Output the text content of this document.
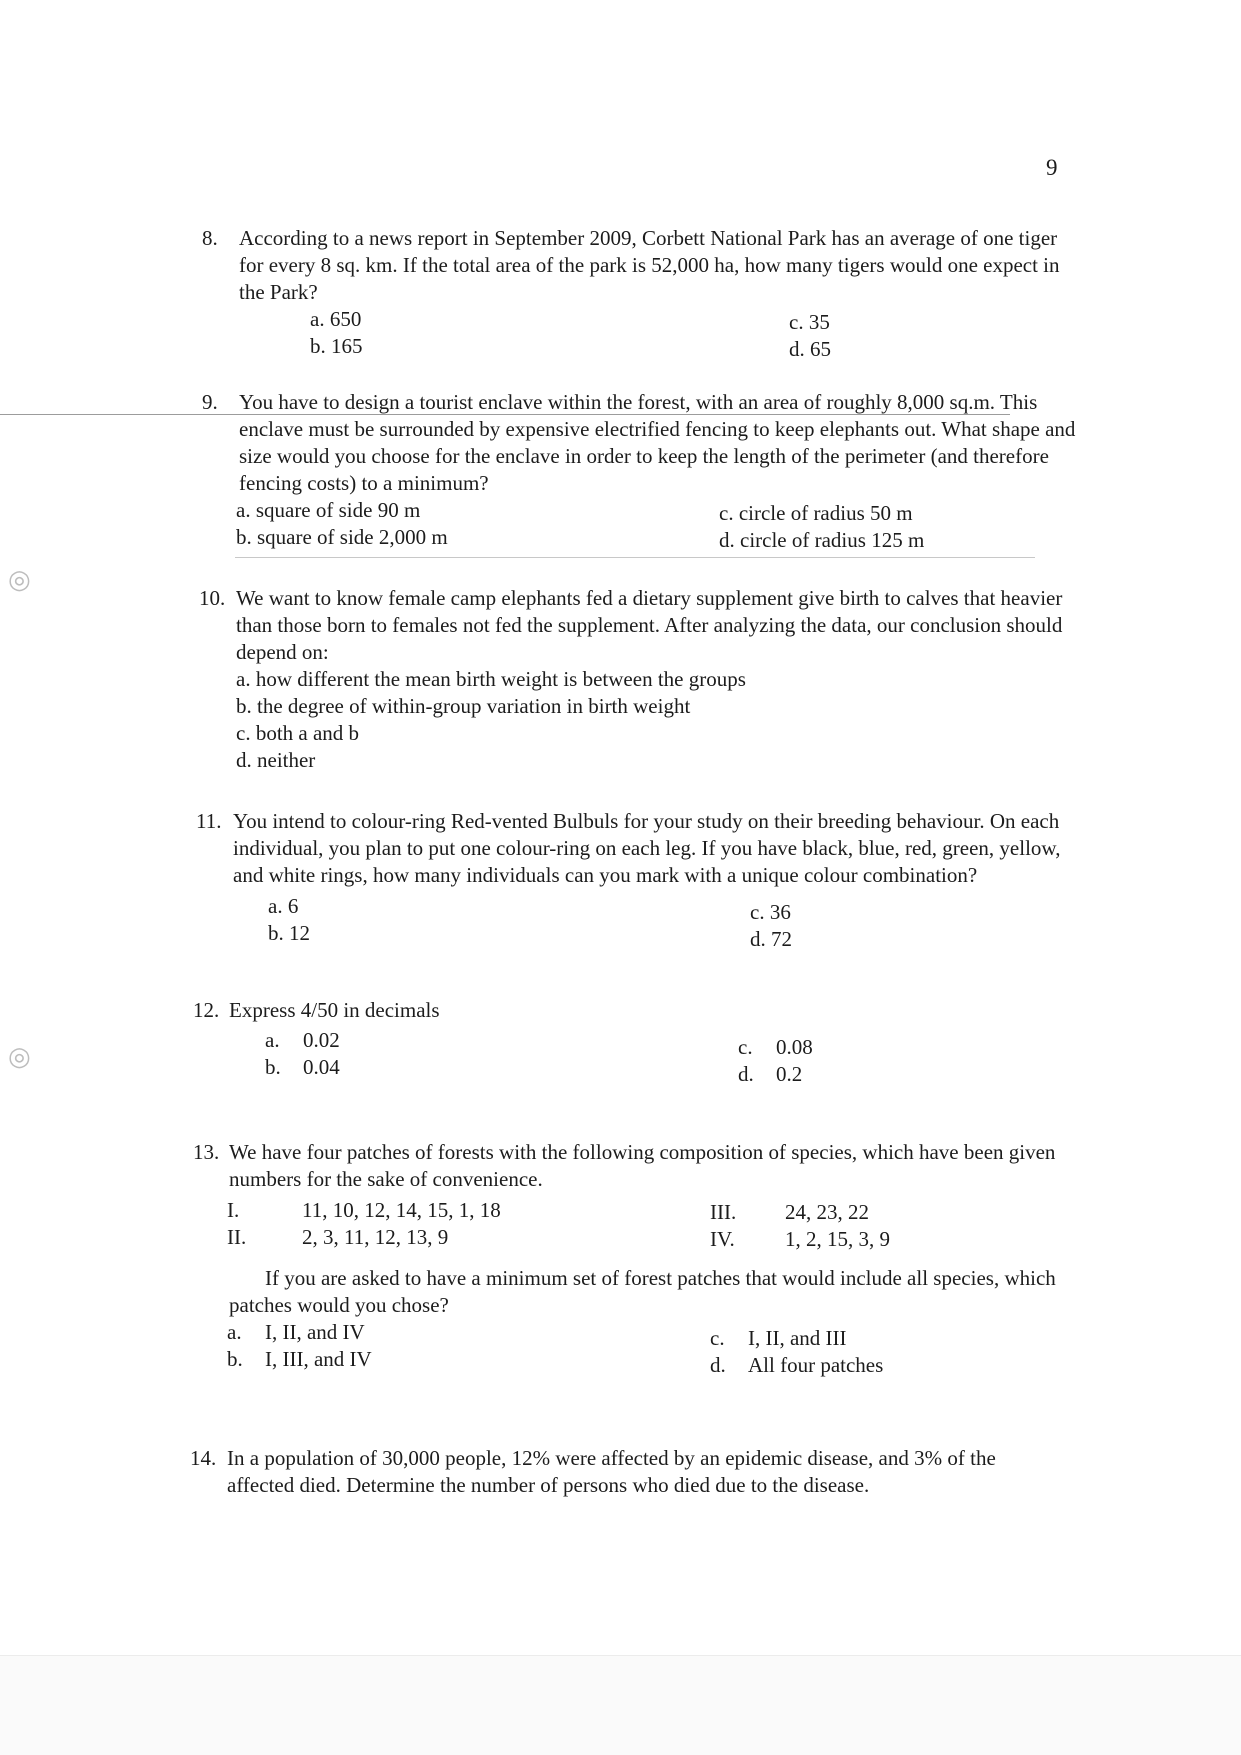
◎
◎
9
8. According to a news report in September 2009, Corbett National Park has an average of one tiger for every 8 sq. km. If the total area of the park is 52,000 ha, how many tigers would one expect in the Park?
a. 650
b. 165
c. 35
d. 65
9. You have to design a tourist enclave within the forest, with an area of roughly 8,000 sq.m. This enclave must be surrounded by expensive electrified fencing to keep elephants out. What shape and size would you choose for the enclave in order to keep the length of the perimeter (and therefore fencing costs) to a minimum?
a. square of side 90 m
b. square of side 2,000 m
c. circle of radius 50 m
d. circle of radius 125 m
10. We want to know female camp elephants fed a dietary supplement give birth to calves that heavier than those born to females not fed the supplement. After analyzing the data, our conclusion should depend on:
a. how different the mean birth weight is between the groups
b. the degree of within-group variation in birth weight
c. both a and b
d. neither
11. You intend to colour-ring Red-vented Bulbuls for your study on their breeding behaviour. On each individual, you plan to put one colour-ring on each leg. If you have black, blue, red, green, yellow, and white rings, how many individuals can you mark with a unique colour combination?
a. 6
b. 12
c. 36
d. 72
12. Express 4/50 in decimals
a. 0.02
b. 0.04
c. 0.08
d. 0.2
13. We have four patches of forests with the following composition of species, which have been given numbers for the sake of convenience.
I.	11, 10, 12, 14, 15, 1, 18
II.	2, 3, 11, 12, 13, 9
III. 24, 23, 22
IV. 1, 2, 15, 3, 9
If you are asked to have a minimum set of forest patches that would include all species, which patches would you chose?
a. I, II, and IV
b. I, III, and IV
c. I, II, and III
d. All four patches
14. In a population of 30,000 people, 12% were affected by an epidemic disease, and 3% of the affected died. Determine the number of persons who died due to the disease.
